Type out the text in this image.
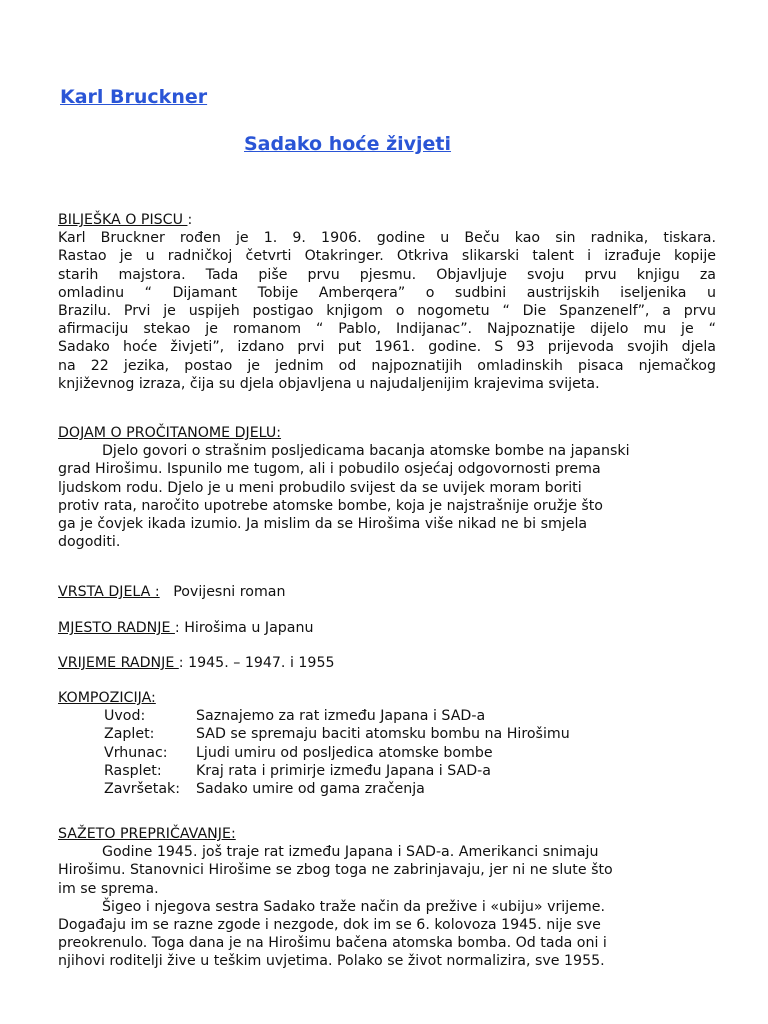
Karl Bruckner
Sadako hoće živjeti
BILJEŠKA O PISCU :
Karl Bruckner rođen je 1. 9. 1906. godine u Beču kao sin radnika, tiskara.
Rastao je u radničkoj četvrti Otakringer. Otkriva slikarski talent i izrađuje kopije
starih majstora. Tada piše prvu pjesmu. Objavljuje svoju prvu knjigu za
omladinu “ Dijamant Tobije Amberqera” o sudbini austrijskih iseljenika u
Brazilu. Prvi je uspijeh postigao knjigom o nogometu “ Die Spanzenelf”, a prvu
afirmaciju stekao je romanom “ Pablo, Indijanac”. Najpoznatije dijelo mu je “
Sadako hoće živjeti”, izdano prvi put 1961. godine. S 93 prijevoda svojih djela
na 22 jezika, postao je jednim od najpoznatijih omladinskih pisaca njemačkog
književnog izraza, čija su djela objavljena u najudaljenijim krajevima svijeta.
DOJAM O PROČITANOME DJELU:
Djelo govori o strašnim posljedicama bacanja atomske bombe na japanski
grad Hirošimu. Ispunilo me tugom, ali i pobudilo osjećaj odgovornosti prema
ljudskom rodu. Djelo je u meni probudilo svijest da se uvijek moram boriti
protiv rata, naročito upotrebe atomske bombe, koja je najstrašnije oružje što
ga je čovjek ikada izumio. Ja mislim da se Hirošima više nikad ne bi smjela
dogoditi.
VRSTA DJELA : Povijesni roman
MJESTO RADNJE : Hirošima u Japanu
VRIJEME RADNJE : 1945. – 1947. i 1955
KOMPOZICIJA:
Uvod:	Saznajemo za rat između Japana i SAD-a
Zaplet:	SAD se spremaju baciti atomsku bombu na Hirošimu
Vrhunac:	Ljudi umiru od posljedica atomske bombe
Rasplet:	Kraj rata i primirje između Japana i SAD-a
Završetak:	Sadako umire od gama zračenja
SAŽETO PREPRIČAVANJE:
Godine 1945. još traje rat između Japana i SAD-a. Amerikanci snimaju
Hirošimu. Stanovnici Hirošime se zbog toga ne zabrinjavaju, jer ni ne slute što
im se sprema.
Šigeo i njegova sestra Sadako traže način da prežive i «ubiju» vrijeme.
Događaju im se razne zgode i nezgode, dok im se 6. kolovoza 1945. nije sve
preokrenulo. Toga dana je na Hirošimu bačena atomska bomba. Od tada oni i
njihovi roditelji žive u teškim uvjetima. Polako se život normalizira, sve 1955.
